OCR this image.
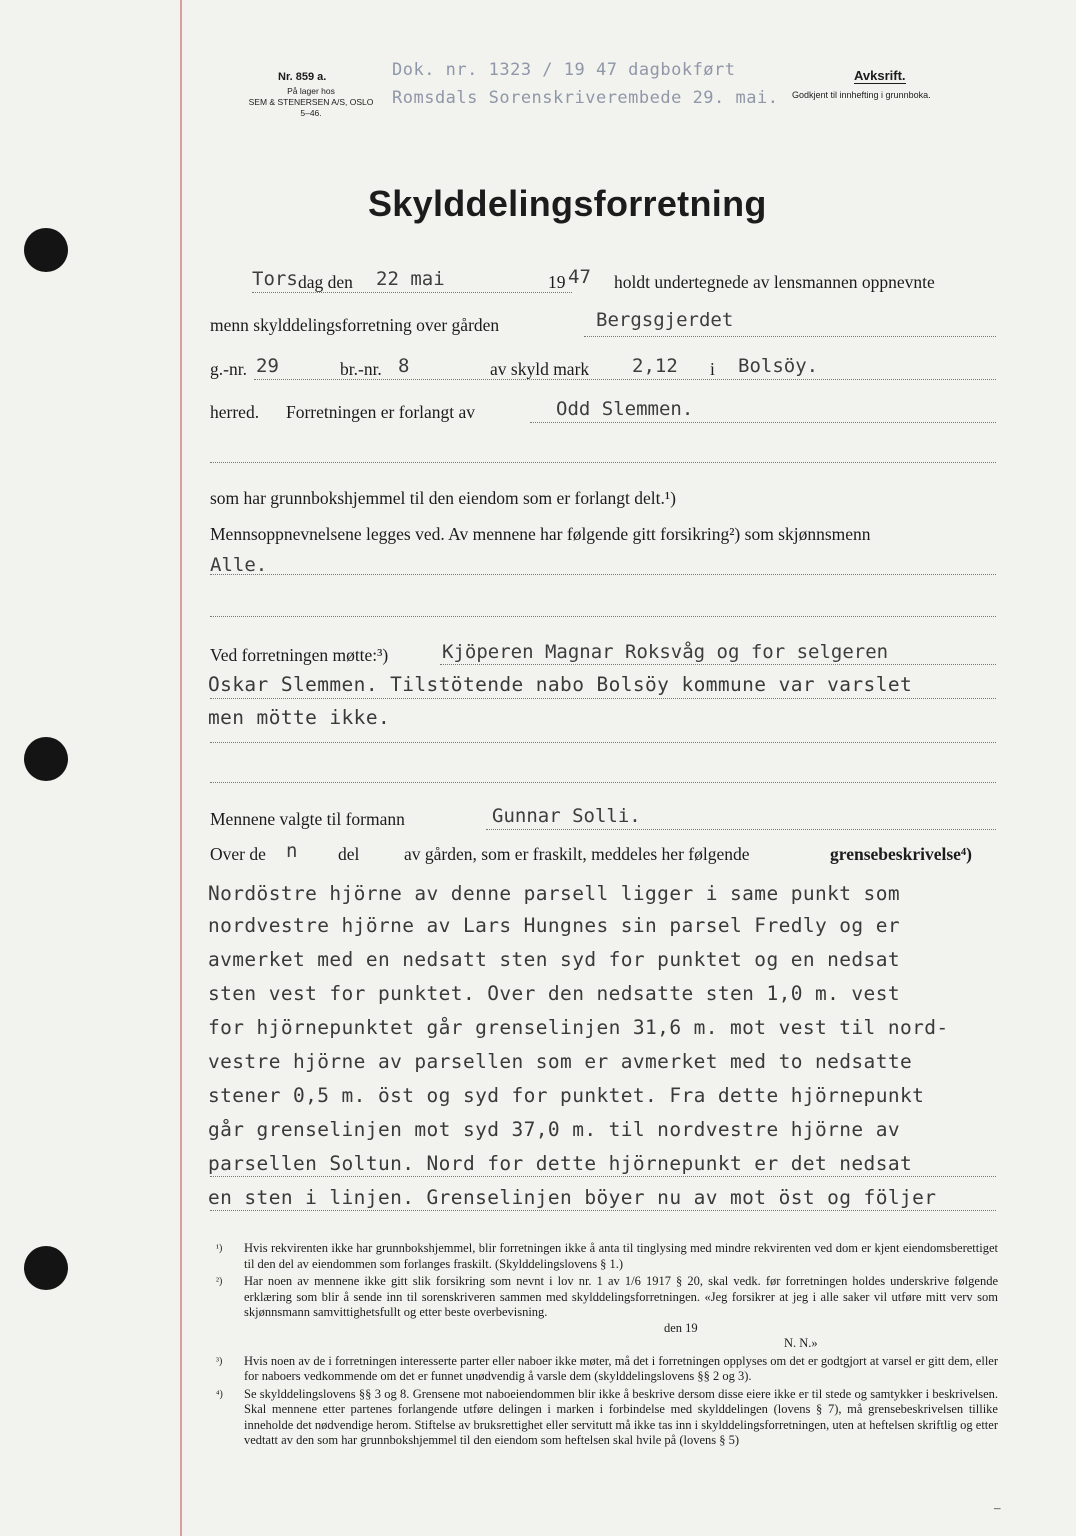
Nr. 859 a.
På lager hos
SEM & STENERSEN A/S, OSLO
5–46.
Dok. nr. 1323 / 19 47 dagbokført
Romsdals Sorenskriverembede 29. mai.
Avksrift.
Godkjent til innhefting i grunnboka.
Skylddelingsforretning
Tors dag den 22 mai	19 47 holdt undertegnede av lensmannen oppnevnte
menn skylddelingsforretning over gården	Bergsgjerdet
g.-nr. 29	br.-nr. 8	av skyld mark 2,12 i Bolsöy.
herred. Forretningen er forlangt av	Odd Slemmen.
som har grunnbokshjemmel til den eiendom som er forlangt delt.¹)
Mennsoppnevnelsene legges ved. Av mennene har følgende gitt forsikring²) som skjønnsmenn
Alle.
Ved forretningen møtte:³)	Kjöperen Magnar Roksvåg og for selgeren
Oskar Slemmen. Tilstötende nabo Bolsöy kommune var varslet
men mötte ikke.
Mennene valgte til formann	Gunnar Solli.
Over de n del	av gården, som er fraskilt, meddeles her følgende	grensebeskrivelse⁴)
Nordöstre hjörne av denne parsell ligger i same punkt som
nordvestre hjörne av Lars Hungnes sin parsel Fredly og er
avmerket med en nedsatt sten syd for punktet og en nedsat
sten vest for punktet. Over den nedsatte sten 1,0 m. vest
for hjörnepunktet går grenselinjen 31,6 m. mot vest til nord-
vestre hjörne av parsellen som er avmerket med to nedsatte
stener 0,5 m. öst og syd for punktet. Fra dette hjörnepunkt
går grenselinjen mot syd 37,0 m. til nordvestre hjörne av
parsellen Soltun. Nord for dette hjörnepunkt er det nedsat
en sten i linjen. Grenselinjen böyer nu av mot öst og följer
¹) Hvis rekvirenten ikke har grunnbokshjemmel, blir forretningen ikke å anta til tinglysing med mindre rekvirenten ved dom er kjent eiendomsberettiget til den del av eiendommen som forlanges fraskilt. (Skylddelingslovens § 1.)
²) Har noen av mennene ikke gitt slik forsikring som nevnt i lov nr. 1 av 1/6 1917 § 20, skal vedk. før forretningen holdes underskrive følgende erklæring som blir å sende inn til sorenskriveren sammen med skylddelingsforretningen. «Jeg forsikrer at jeg i alle saker vil utføre mitt verv som skjønnsmann samvittighetsfullt og etter beste overbevisning.
den 19
N. N.»
³) Hvis noen av de i forretningen interesserte parter eller naboer ikke møter, må det i forretningen opplyses om det er godtgjort at varsel er gitt dem, eller for naboers vedkommende om det er funnet unødvendig å varsle dem (skylddelingslovens §§ 2 og 3).
⁴) Se skylddelingslovens §§ 3 og 8. Grensene mot naboeiendommen blir ikke å beskrive dersom disse eiere ikke er til stede og samtykker i beskrivelsen. Skal mennene etter partenes forlangende utføre delingen i marken i forbindelse med skylddelingen (lovens § 7), må grensebeskrivelsen tillike inneholde det nødvendige herom. Stiftelse av bruksrettighet eller servitutt må ikke tas inn i skylddelingsforretningen, uten at heftelsen skriftlig og etter vedtatt av den som har grunnbokshjemmel til den eiendom som heftelsen skal hvile på (lovens § 5)
–
